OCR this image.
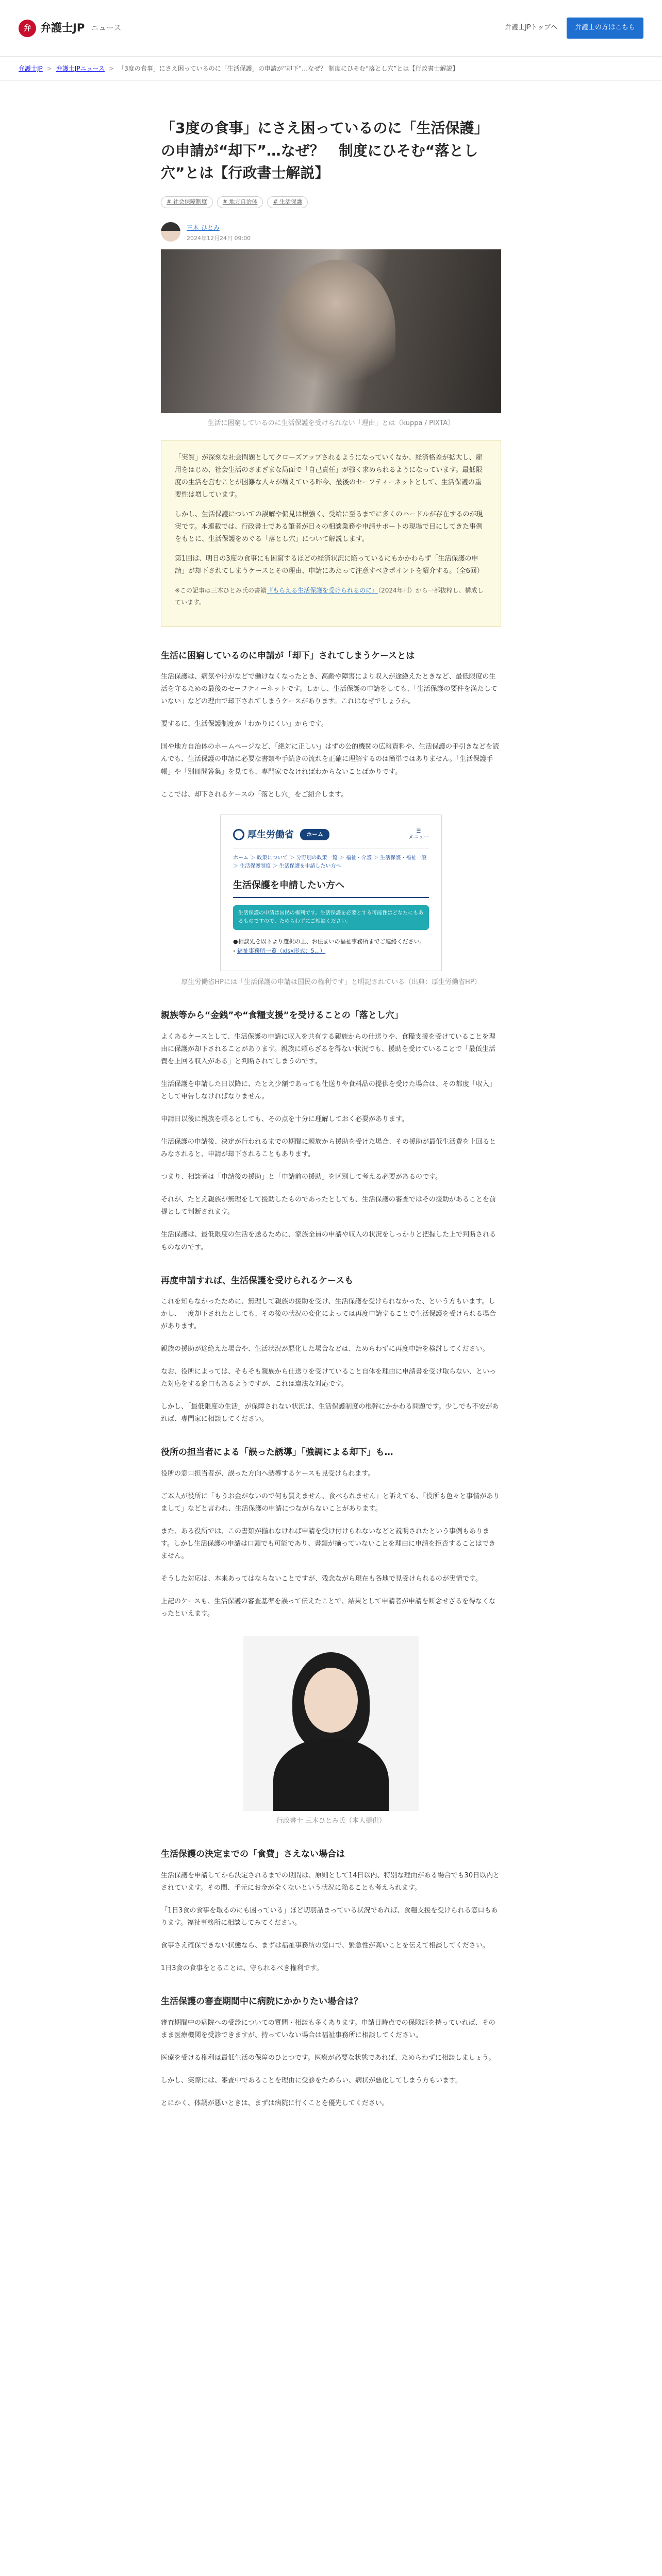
弁 弁護士JP ニュース	弁護士JPトップへ	弁護士の方はこちら
弁護士JP > 弁護士JPニュース > 「3度の食事」にさえ困っているのに「生活保護」の申請が“却下”…なぜ？ 制度にひそむ“落とし穴”とは【行政書士解説】
「3度の食事」にさえ困っているのに「生活保護」の申請が“却下”…なぜ？　制度にひそむ“落とし穴”とは【行政書士解説】
# 社会保障制度	# 地方自治体	# 生活保護
三木 ひとみ
2024年12月24日 09:00

生活に困窮しているのに生活保護を受けられない「理由」とは（kuppa / PIXTA）

「実質」が深刻な社会問題としてクローズアップされるようになっていくなか、経済格差が拡大し、雇用をはじめ、社会生活のさまざまな局面で「自己責任」が強く求められるようになっています。最低限度の生活を営むことが困難な人々が増えている昨今、最後のセーフティーネットとして、生活保護の重要性は増しています。

しかし、生活保護についての誤解や偏見は根強く、受給に至るまでに多くのハードルが存在するのが現実です。本連載では、行政書士である筆者が日々の相談業務や申請サポートの現場で目にしてきた事例をもとに、生活保護をめぐる「落とし穴」について解説します。

第1回は、明日の3度の食事にも困窮するほどの経済状況に陥っているにもかかわらず「生活保護の申請」が却下されてしまうケースとその理由、申請にあたって注意すべきポイントを紹介する。（全6回）

※この記事は三木ひとみ氏の書籍『もらえる生活保護を受けられるのに』（2024年刊）から一部抜粋し、構成しています。

生活に困窮しているのに申請が「却下」されてしまうケースとは

生活保護は、病気やけがなどで働けなくなったとき、高齢や障害により収入が途絶えたときなど、最低限度の生活を守るための最後のセーフティーネットです。しかし、生活保護の申請をしても、「生活保護の要件を満たしていない」などの理由で却下されてしまうケースがあります。これはなぜでしょうか。

要するに、生活保護制度が「わかりにくい」からです。

国や地方自治体のホームページなど、「絶対に正しい」はずの公的機関の広報資料や、生活保護の手引きなどを読んでも、生活保護の申請に必要な書類や手続きの流れを正確に理解するのは簡単ではありません。「生活保護手帳」や「別冊問答集」を見ても、専門家でなければわからないことばかりです。

ここでは、却下されるケースの「落とし穴」をご紹介します。

厚生労働省	ホーム	☰
メニュー
ホーム ＞ 政策について ＞ 分野別の政策一覧 ＞ 福祉・介護 ＞ 生活保護・福祉一般 ＞ 生活保護制度 ＞ 生活保護を申請したい方へ
生活保護を申請したい方へ
生活保護の申請は国民の権利です。生活保護を必要とする可能性はどなたにもあるものですので、ためらわずにご相談ください。
●相談先を以下より選択の上、お住まいの福祉事務所までご連絡ください。
› 福祉事務所一覧（xlsx形式：5...）

厚生労働省HPには「生活保護の申請は国民の権利です」と明記されている（出典：厚生労働省HP）

親族等から“金銭”や“食糧支援”を受けることの「落とし穴」

よくあるケースとして、生活保護の申請に収入を共有する親族からの仕送りや、食糧支援を受けていることを理由に保護が却下されることがあります。親族に頼らざるを得ない状況でも、援助を受けていることで「最低生活費を上回る収入がある」と判断されてしまうのです。

生活保護を申請した日以降に、たとえ少額であっても仕送りや食料品の提供を受けた場合は、その都度「収入」として申告しなければなりません。

申請日以後に親族を頼るとしても、その点を十分に理解しておく必要があります。

生活保護の申請後、決定が行われるまでの期間に親族から援助を受けた場合、その援助が最低生活費を上回るとみなされると、申請が却下されることもあります。

つまり、相談者は「申請後の援助」と「申請前の援助」を区別して考える必要があるのです。

それが、たとえ親族が無理をして援助したものであったとしても、生活保護の審査ではその援助があることを前提として判断されます。

生活保護は、最低限度の生活を送るために、家族全員の申請や収入の状況をしっかりと把握した上で判断されるものなのです。

再度申請すれば、生活保護を受けられるケースも

これを知らなかったために、無理して親族の援助を受け、生活保護を受けられなかった、という方もいます。しかし、一度却下されたとしても、その後の状況の変化によっては再度申請することで生活保護を受けられる場合があります。

親族の援助が途絶えた場合や、生活状況が悪化した場合などは、ためらわずに再度申請を検討してください。

なお、役所によっては、そもそも親族から仕送りを受けていること自体を理由に申請書を受け取らない、といった対応をする窓口もあるようですが、これは違法な対応です。

しかし、「最低限度の生活」が保障されない状況は、生活保護制度の根幹にかかわる問題です。少しでも不安があれば、専門家に相談してください。

役所の担当者による「誤った誘導」「強調による却下」も…

役所の窓口担当者が、誤った方向へ誘導するケースも見受けられます。

ご本人が役所に「もうお金がないので何も買えません、食べられません」と訴えても、「役所も色々と事情がありまして」などと言われ、生活保護の申請につながらないことがあります。

また、ある役所では、この書類が揃わなければ申請を受け付けられないなどと説明されたという事例もあります。しかし生活保護の申請は口頭でも可能であり、書類が揃っていないことを理由に申請を拒否することはできません。

そうした対応は、本来あってはならないことですが、残念ながら現在も各地で見受けられるのが実情です。

上記のケースも、生活保護の審査基準を誤って伝えたことで、結果として申請者が申請を断念せざるを得なくなったといえます。

行政書士 三木ひとみ氏（本人提供）

生活保護の決定までの「食費」さえない場合は

生活保護を申請してから決定されるまでの期間は、原則として14日以内、特別な理由がある場合でも30日以内とされています。その間、手元にお金が全くないという状況に陥ることも考えられます。

「1日3食の食事を取るのにも困っている」ほど切羽詰まっている状況であれば、食糧支援を受けられる窓口もあります。福祉事務所に相談してみてください。

食事さえ確保できない状態なら、まずは福祉事務所の窓口で、緊急性が高いことを伝えて相談してください。

1日3食の食事をとることは、守られるべき権利です。

生活保護の審査期間中に病院にかかりたい場合は？

審査期間中の病院への受診についての質問・相談も多くあります。申請日時点での保険証を持っていれば、そのまま医療機関を受診できますが、持っていない場合は福祉事務所に相談してください。

医療を受ける権利は最低生活の保障のひとつです。医療が必要な状態であれば、ためらわずに相談しましょう。

しかし、実際には、審査中であることを理由に受診をためらい、病状が悪化してしまう方もいます。

とにかく、体調が悪いときは、まずは病院に行くことを優先してください。
